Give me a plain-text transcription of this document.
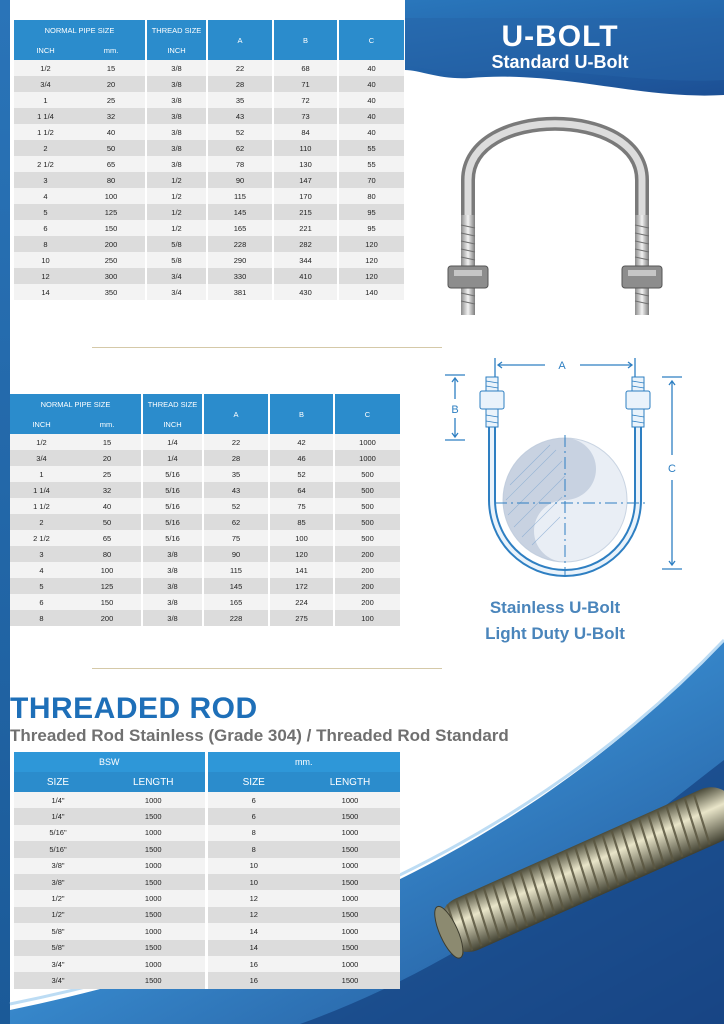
NORMAL PIPE SIZE		THREAD SIZE	A	B	C
INCH	mm.	INCH			
1/2	15	3/8	22	68	40
3/4	20	3/8	28	71	40
1	25	3/8	35	72	40
1 1/4	32	3/8	43	73	40
1 1/2	40	3/8	52	84	40
2	50	3/8	62	110	55
2 1/2	65	3/8	78	130	55
3	80	1/2	90	147	70
4	100	1/2	115	170	80
5	125	1/2	145	215	95
6	150	1/2	165	221	95
8	200	5/8	228	282	120
10	250	5/8	290	344	120
12	300	3/4	330	410	120
14	350	3/4	381	430	140
U-BOLT
Standard U-Bolt
NORMAL PIPE SIZE		THREAD SIZE	A	B	C
INCH	mm.	INCH			
1/2	15	1/4	22	42	1000
3/4	20	1/4	28	46	1000
1	25	5/16	35	52	500
1 1/4	32	5/16	43	64	500
1 1/2	40	5/16	52	75	500
2	50	5/16	62	85	500
2 1/2	65	5/16	75	100	500
3	80	3/8	90	120	200
4	100	3/8	115	141	200
5	125	3/8	145	172	200
6	150	3/8	165	224	200
8	200	3/8	228	275	100
A
B
C
Stainless U-Bolt
Light Duty U-Bolt
THREADED ROD
Threaded Rod Stainless (Grade 304) / Threaded Rod Standard
BSW		mm.	
SIZE	LENGTH	SIZE	LENGTH
1/4"	1000	6	1000
1/4"	1500	6	1500
5/16"	1000	8	1000
5/16"	1500	8	1500
3/8"	1000	10	1000
3/8"	1500	10	1500
1/2"	1000	12	1000
1/2"	1500	12	1500
5/8"	1000	14	1000
5/8"	1500	14	1500
3/4"	1000	16	1000
3/4"	1500	16	1500
